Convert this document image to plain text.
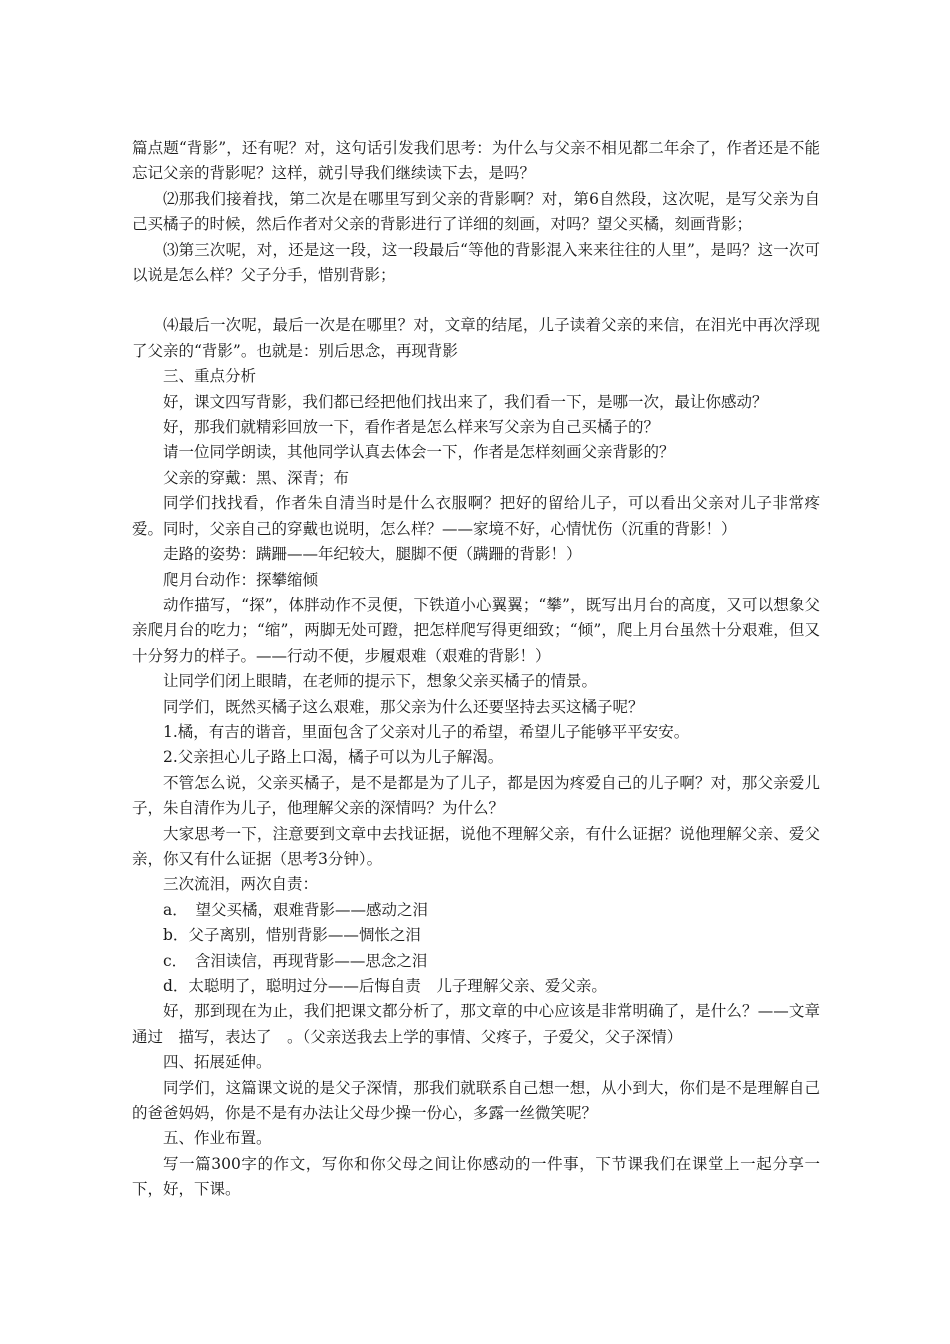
篇点题“背影”，还有呢？对，这句话引发我们思考：为什么与父亲不相见都二年余了，作者还是不能忘记父亲的背影呢？这样，就引导我们继续读下去，是吗？

⑵那我们接着找，第二次是在哪里写到父亲的背影啊？对，第6自然段，这次呢，是写父亲为自己买橘子的时候，然后作者对父亲的背影进行了详细的刻画，对吗？望父买橘，刻画背影；

⑶第三次呢，对，还是这一段，这一段最后“等他的背影混入来来往往的人里”，是吗？这一次可以说是怎么样？父子分手，惜别背影；

⑷最后一次呢，最后一次是在哪里？对，文章的结尾，儿子读着父亲的来信，在泪光中再次浮现了父亲的“背影”。也就是：别后思念，再现背影

三、重点分析

好，课文四写背影，我们都已经把他们找出来了，我们看一下，是哪一次，最让你感动？

好，那我们就精彩回放一下，看作者是怎么样来写父亲为自己买橘子的？

请一位同学朗读，其他同学认真去体会一下，作者是怎样刻画父亲背影的？

父亲的穿戴：黑、深青；布

同学们找找看，作者朱自清当时是什么衣服啊？把好的留给儿子，可以看出父亲对儿子非常疼爱。同时，父亲自己的穿戴也说明，怎么样？——家境不好，心情忧伤（沉重的背影！）

走路的姿势：蹒跚——年纪较大，腿脚不便（蹒跚的背影！）

爬月台动作：探攀缩倾

动作描写，“探”，体胖动作不灵便，下铁道小心翼翼；“攀”，既写出月台的高度，又可以想象父亲爬月台的吃力；“缩”，两脚无处可蹬，把怎样爬写得更细致；“倾”，爬上月台虽然十分艰难，但又十分努力的样子。——行动不便，步履艰难（艰难的背影！）

让同学们闭上眼睛，在老师的提示下，想象父亲买橘子的情景。

同学们，既然买橘子这么艰难，那父亲为什么还要坚持去买这橘子呢？

1.橘，有吉的谐音，里面包含了父亲对儿子的希望，希望儿子能够平平安安。

2.父亲担心儿子路上口渴，橘子可以为儿子解渴。

不管怎么说，父亲买橘子，是不是都是为了儿子，都是因为疼爱自己的儿子啊？对，那父亲爱儿子，朱自清作为儿子，他理解父亲的深情吗？为什么？

大家思考一下，注意要到文章中去找证据，说他不理解父亲，有什么证据？说他理解父亲、爱父亲，你又有什么证据（思考3分钟）。

三次流泪，两次自责：

a．　望父买橘，艰难背影——感动之泪

b．父子离别，惜别背影——惆怅之泪

c．　含泪读信，再现背影——思念之泪

d．太聪明了，聪明过分——后悔自责　儿子理解父亲、爱父亲。

好，那到现在为止，我们把课文都分析了，那文章的中心应该是非常明确了，是什么？——文章通过　描写，表达了　。（父亲送我去上学的事情、父疼子，子爱父，父子深情）

四、拓展延伸。

同学们，这篇课文说的是父子深情，那我们就联系自己想一想，从小到大，你们是不是理解自己的爸爸妈妈，你是不是有办法让父母少操一份心，多露一丝微笑呢？

五、作业布置。

写一篇300字的作文，写你和你父母之间让你感动的一件事，下节课我们在课堂上一起分享一下，好，下课。
